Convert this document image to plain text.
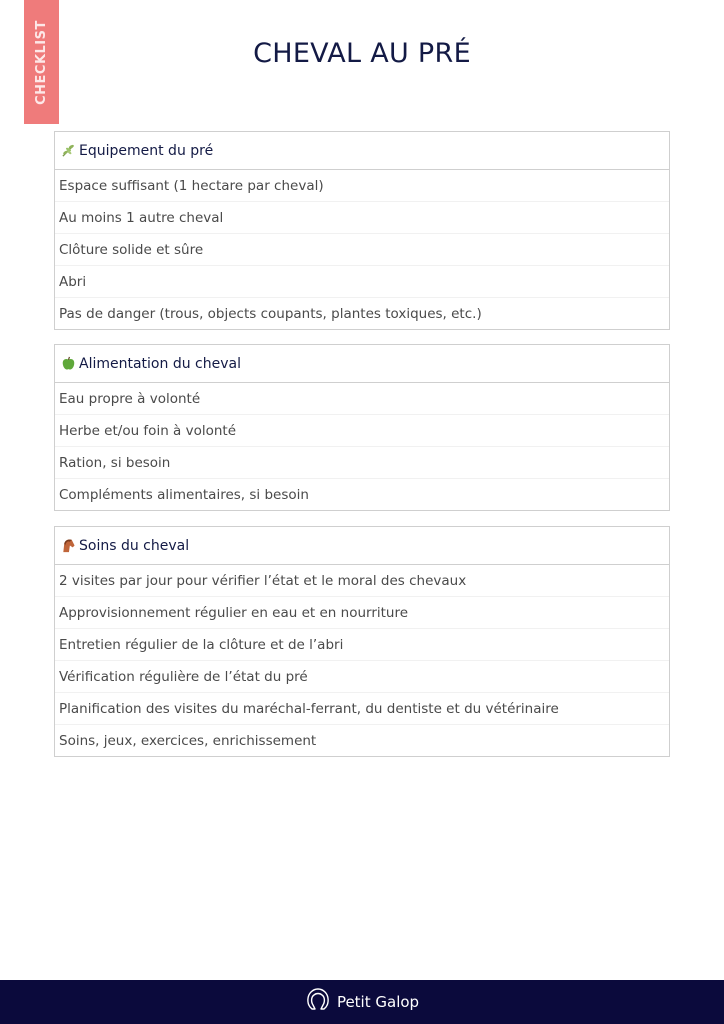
CHECKLIST	CHEVAL AU PRÉ
Equipement du pré
Espace suffisant (1 hectare par cheval)
Au moins 1 autre cheval
Clôture solide et sûre
Abri
Pas de danger (trous, objects coupants, plantes toxiques, etc.)
Alimentation du cheval
Eau propre à volonté
Herbe et/ou foin à volonté
Ration, si besoin
Compléments alimentaires, si besoin
Soins du cheval
2 visites par jour pour vérifier l’état et le moral des chevaux
Approvisionnement régulier en eau et en nourriture
Entretien régulier de la clôture et de l’abri
Vérification régulière de l’état du pré
Planification des visites du maréchal-ferrant, du dentiste et du vétérinaire
Soins, jeux, exercices, enrichissement
Petit Galop
